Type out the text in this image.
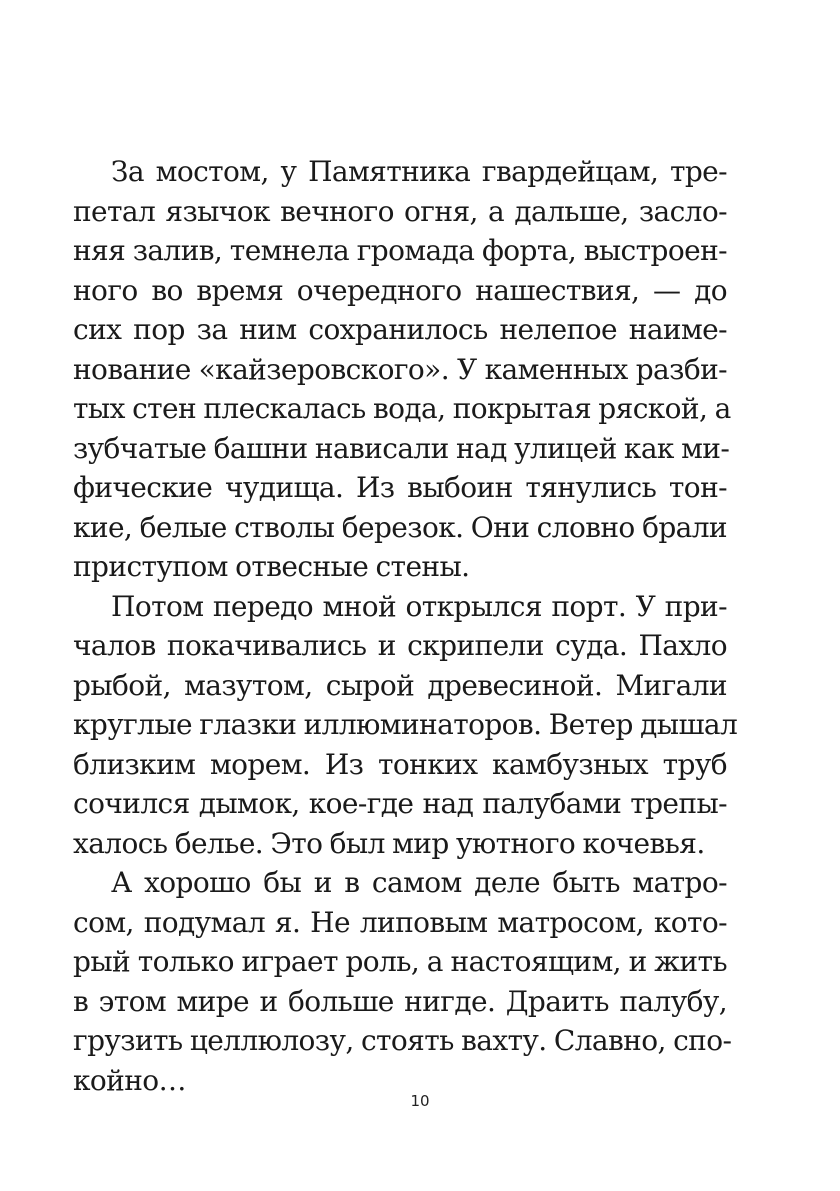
За мостом, у Памятника гвардейцам, тре-
петал язычок вечного огня, а дальше, засло-
няя залив, темнела громада форта, выстроен-
ного во время очередного нашествия, — до
сих пор за ним сохранилось нелепое наиме-
нование «кайзеровского». У каменных разби-
тых стен плескалась вода, покрытая ряской, а
зубчатые башни нависали над улицей как ми-
фические чудища. Из выбоин тянулись тон-
кие, белые стволы березок. Они словно брали
приступом отвесные стены.
Потом передо мной открылся порт. У при-
чалов покачивались и скрипели суда. Пахло
рыбой, мазутом, сырой древесиной. Мигали
круглые глазки иллюминаторов. Ветер дышал
близким морем. Из тонких камбузных труб
сочился дымок, кое-где над палубами трепы-
халось белье. Это был мир уютного кочевья.
А хорошо бы и в самом деле быть матро-
сом, подумал я. Не липовым матросом, кото-
рый только играет роль, а настоящим, и жить
в этом мире и больше нигде. Драить палубу,
грузить целлюлозу, стоять вахту. Славно, спо-
койно…
10
